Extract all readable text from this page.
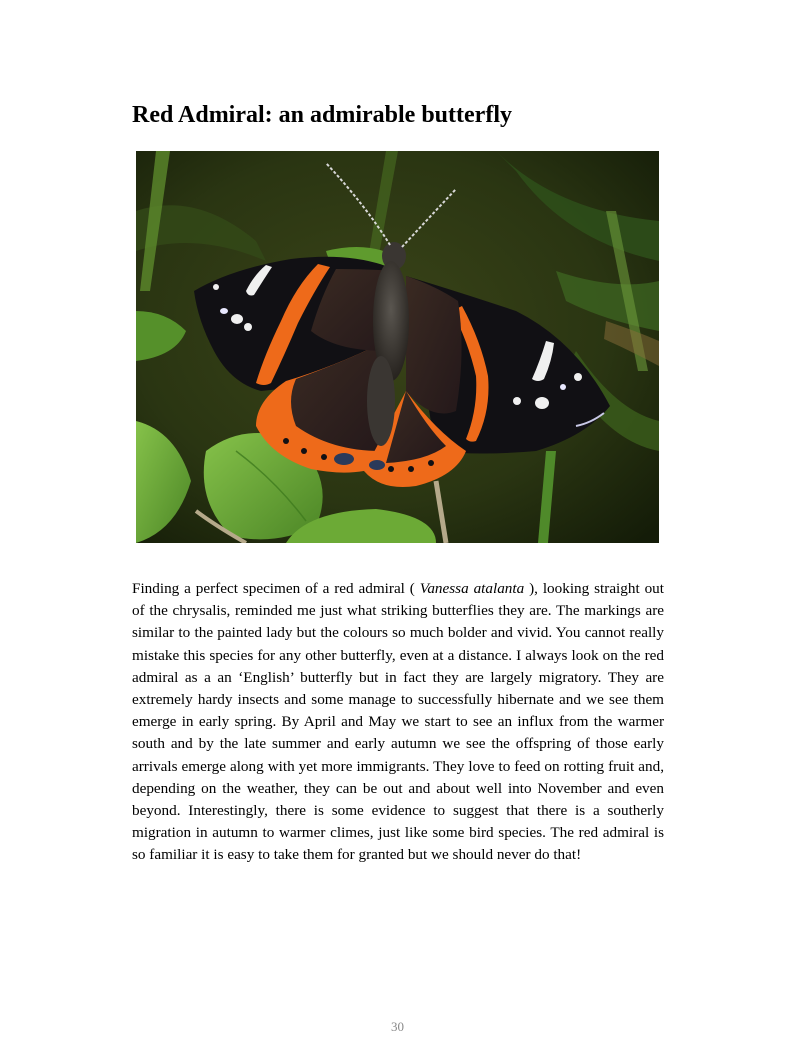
Red Admiral: an admirable butterfly

Finding a perfect specimen of a red admiral ( Vanessa atalanta ), looking straight out of the chrysalis, reminded me just what striking butterflies they are. The markings are similar to the painted lady but the colours so much bolder and vivid. You cannot really mistake this species for any other butterfly, even at a distance. I always look on the red admiral as a an ‘English’ butterfly but in fact they are largely migratory. They are extremely hardy insects and some manage to successfully hibernate and we see them emerge in early spring. By April and May we start to see an influx from the warmer south and by the late summer and early autumn we see the offspring of those early arrivals emerge along with yet more immigrants. They love to feed on rotting fruit and, depending on the weather, they can be out and about well into November and even beyond. Interestingly, there is some evidence to suggest that there is a southerly migration in autumn to warmer climes, just like some bird species. The red admiral is so familiar it is easy to take them for granted but we should never do that!

30
